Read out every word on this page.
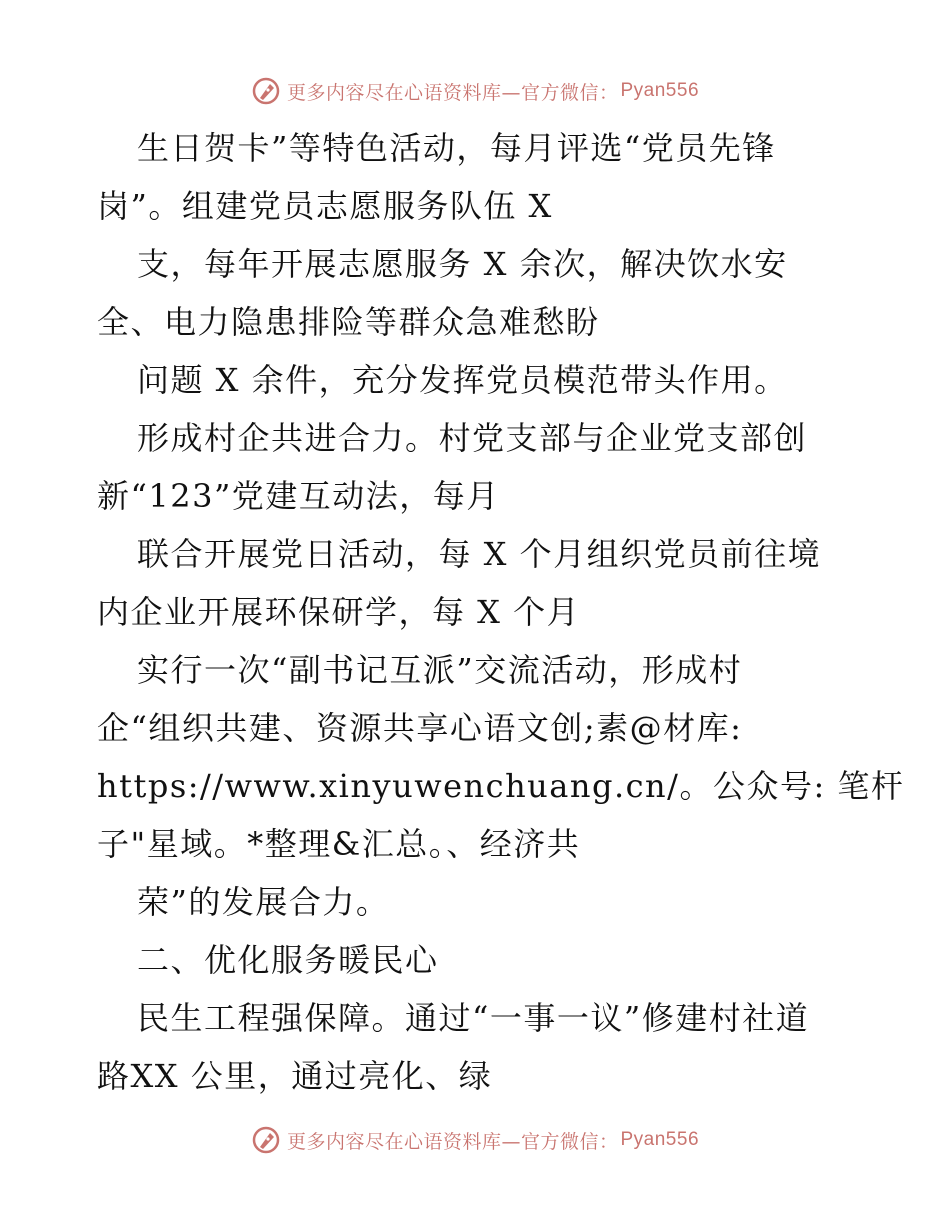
更多内容尽在心语资料库—官方微信： Pyan556
生日贺卡”等特色活动，每月评选“党员先锋
岗”。组建党员志愿服务队伍 X
支，每年开展志愿服务 X 余次，解决饮水安
全、电力隐患排险等群众急难愁盼
问题 X 余件，充分发挥党员模范带头作用。
形成村企共进合力。村党支部与企业党支部创
新“123”党建互动法，每月
联合开展党日活动，每 X 个月组织党员前往境
内企业开展环保研学，每 X 个月
实行一次“副书记互派”交流活动，形成村
企“组织共建、资源共享心语文创;素@材库:
https://www.xinyuwenchuang.cn/。公众号: 笔杆
子"星域。*整理&汇总。、经济共
荣”的发展合力。
二、优化服务暖民心
民生工程强保障。通过“一事一议”修建村社道
路XX 公里，通过亮化、绿
更多内容尽在心语资料库—官方微信： Pyan556
